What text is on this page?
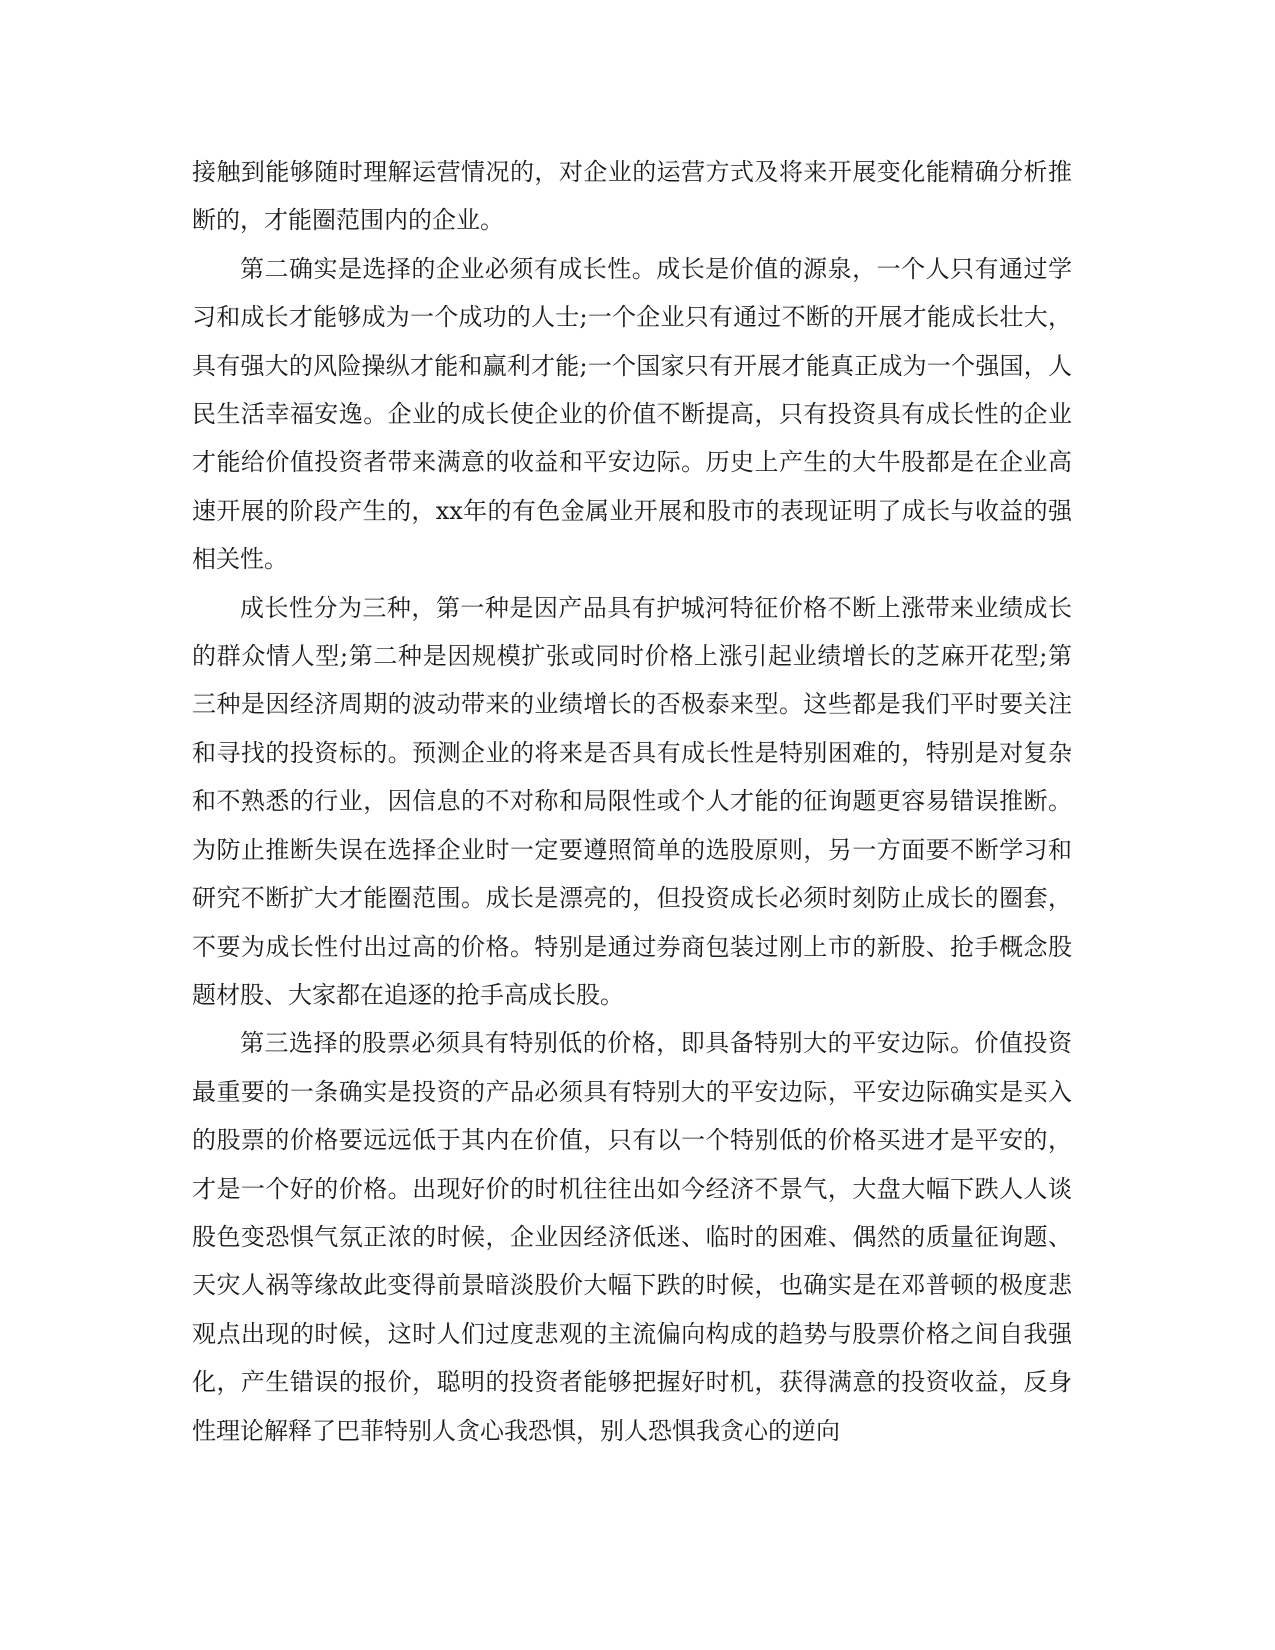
接触到能够随时理解运营情况的，对企业的运营方式及将来开展变化能精确分析推断的，才能圈范围内的企业。

第二确实是选择的企业必须有成长性。成长是价值的源泉，一个人只有通过学习和成长才能够成为一个成功的人士;一个企业只有通过不断的开展才能成长壮大，具有强大的风险操纵才能和赢利才能;一个国家只有开展才能真正成为一个强国，人民生活幸福安逸。企业的成长使企业的价值不断提高，只有投资具有成长性的企业才能给价值投资者带来满意的收益和平安边际。历史上产生的大牛股都是在企业高速开展的阶段产生的，xx年的有色金属业开展和股市的表现证明了成长与收益的强相关性。

成长性分为三种，第一种是因产品具有护城河特征价格不断上涨带来业绩成长的群众情人型;第二种是因规模扩张或同时价格上涨引起业绩增长的芝麻开花型;第三种是因经济周期的波动带来的业绩增长的否极泰来型。这些都是我们平时要关注和寻找的投资标的。预测企业的将来是否具有成长性是特别困难的，特别是对复杂和不熟悉的行业，因信息的不对称和局限性或个人才能的征询题更容易错误推断。为防止推断失误在选择企业时一定要遵照简单的选股原则，另一方面要不断学习和研究不断扩大才能圈范围。成长是漂亮的，但投资成长必须时刻防止成长的圈套，不要为成长性付出过高的价格。特别是通过券商包装过刚上市的新股、抢手概念股题材股、大家都在追逐的抢手高成长股。

第三选择的股票必须具有特别低的价格，即具备特别大的平安边际。价值投资最重要的一条确实是投资的产品必须具有特别大的平安边际，平安边际确实是买入的股票的价格要远远低于其内在价值，只有以一个特别低的价格买进才是平安的，才是一个好的价格。出现好价的时机往往出如今经济不景气，大盘大幅下跌人人谈股色变恐惧气氛正浓的时候，企业因经济低迷、临时的困难、偶然的质量征询题、天灾人祸等缘故此变得前景暗淡股价大幅下跌的时候，也确实是在邓普顿的极度悲观点出现的时候，这时人们过度悲观的主流偏向构成的趋势与股票价格之间自我强化，产生错误的报价，聪明的投资者能够把握好时机，获得满意的投资收益，反身性理论解释了巴菲特别人贪心我恐惧，别人恐惧我贪心的逆向
